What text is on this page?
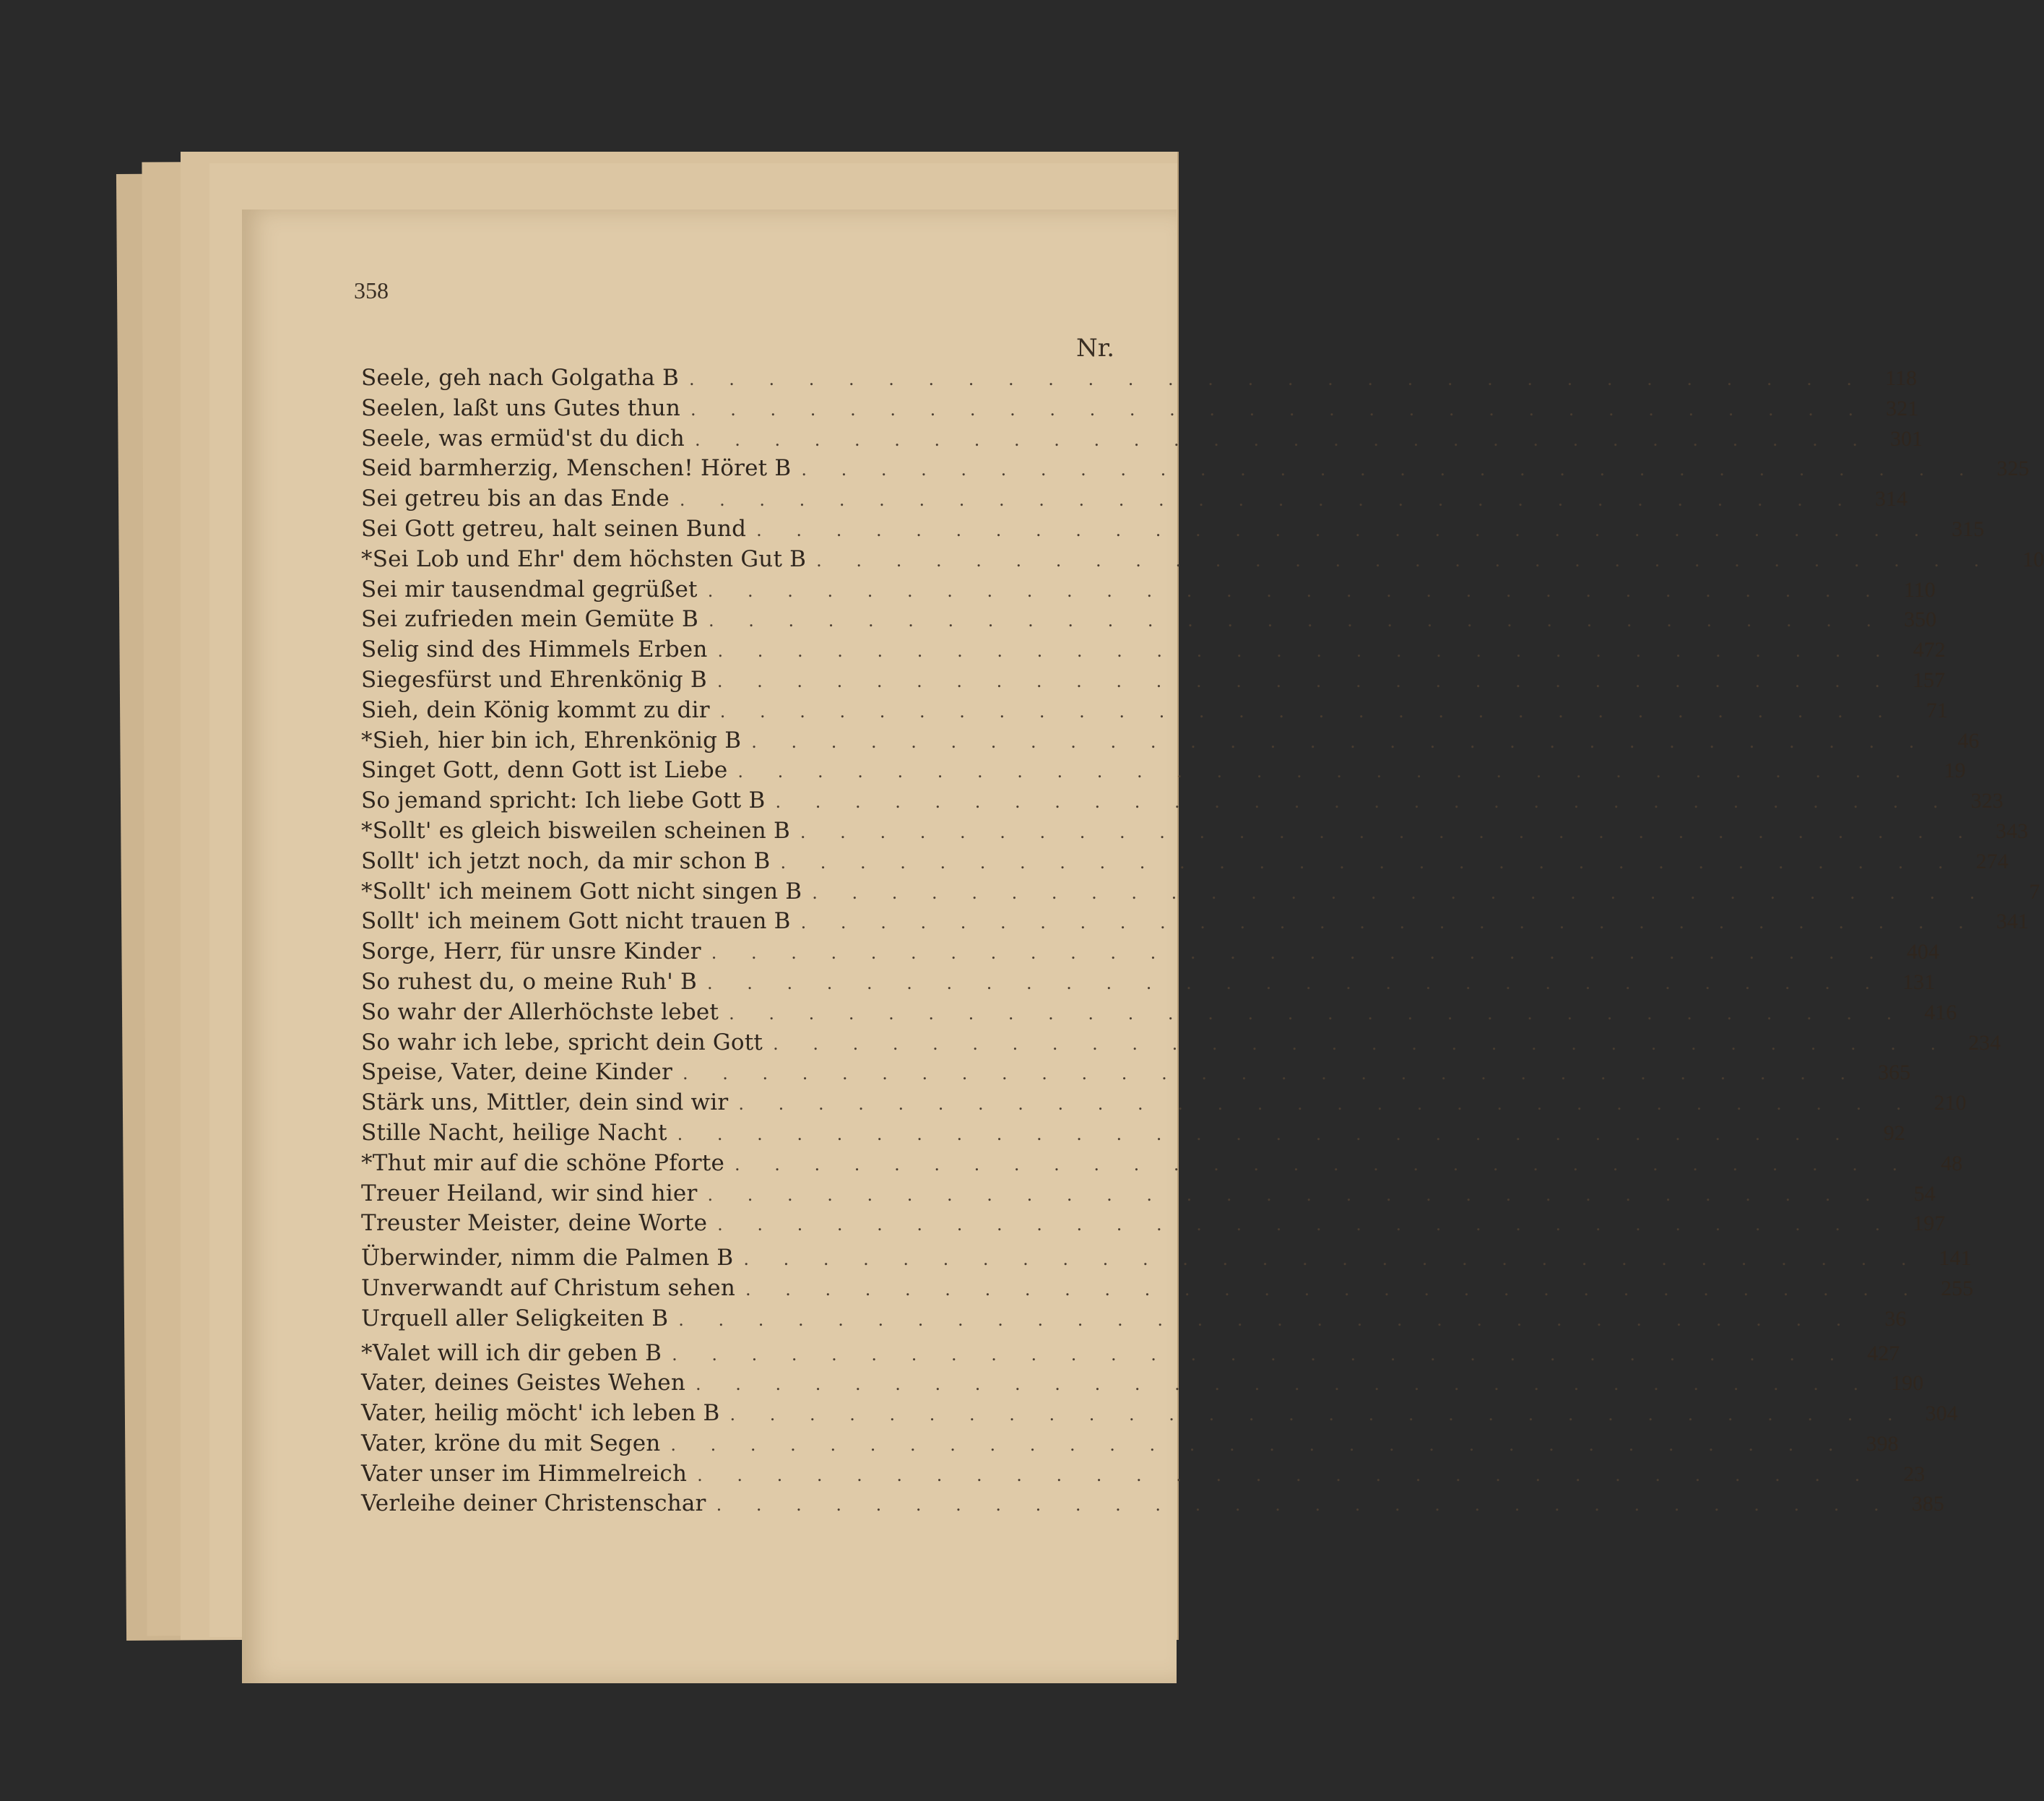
358
Nr.
Seele, geh nach Golgatha B . . . . . . . . . . . . . . . . . . . . . . . . . . . . . . 118
Seelen, laßt uns Gutes thun . . . . . . . . . . . . . . . . . . . . . . . . . . . . . . 321
Seele, was ermüd'st du dich . . . . . . . . . . . . . . . . . . . . . . . . . . . . . . 301
Seid barmherzig, Menschen! Höret B . . . . . . . . . . . . . . . . . . . . . . . . . . . . . . 325
Sei getreu bis an das Ende . . . . . . . . . . . . . . . . . . . . . . . . . . . . . . 314
Sei Gott getreu, halt seinen Bund . . . . . . . . . . . . . . . . . . . . . . . . . . . . . . 315
*Sei Lob und Ehr' dem höchsten Gut B . . . . . . . . . . . . . . . . . . . . . . . . . . . . . .	10
Sei mir tausendmal gegrüßet . . . . . . . . . . . . . . . . . . . . . . . . . . . . . . 110
Sei zufrieden mein Gemüte B . . . . . . . . . . . . . . . . . . . . . . . . . . . . . . 350
Selig sind des Himmels Erben . . . . . . . . . . . . . . . . . . . . . . . . . . . . . . 472
Siegesfürst und Ehrenkönig B . . . . . . . . . . . . . . . . . . . . . . . . . . . . . . 157
Sieh, dein König kommt zu dir . . . . . . . . . . . . . . . . . . . . . . . . . . . . . .	71
*Sieh, hier bin ich, Ehrenkönig B . . . . . . . . . . . . . . . . . . . . . . . . . . . . . .	46
Singet Gott, denn Gott ist Liebe . . . . . . . . . . . . . . . . . . . . . . . . . . . . . .	19
So jemand spricht: Ich liebe Gott B . . . . . . . . . . . . . . . . . . . . . . . . . . . . . . 323
*Sollt' es gleich bisweilen scheinen B . . . . . . . . . . . . . . . . . . . . . . . . . . . . . . 343
Sollt' ich jetzt noch, da mir schon B . . . . . . . . . . . . . . . . . . . . . . . . . . . . . . 274
*Sollt' ich meinem Gott nicht singen B . . . . . . . . . . . . . . . . . . . . . . . . . . . . . .	7
Sollt' ich meinem Gott nicht trauen B . . . . . . . . . . . . . . . . . . . . . . . . . . . . . . 341
Sorge, Herr, für unsre Kinder . . . . . . . . . . . . . . . . . . . . . . . . . . . . . . 404
So ruhest du, o meine Ruh' B . . . . . . . . . . . . . . . . . . . . . . . . . . . . . . 131
So wahr der Allerhöchste lebet . . . . . . . . . . . . . . . . . . . . . . . . . . . . . . 416
So wahr ich lebe, spricht dein Gott . . . . . . . . . . . . . . . . . . . . . . . . . . . . . . 234
Speise, Vater, deine Kinder . . . . . . . . . . . . . . . . . . . . . . . . . . . . . . 365
Stärk uns, Mittler, dein sind wir . . . . . . . . . . . . . . . . . . . . . . . . . . . . . . 210
Stille Nacht, heilige Nacht . . . . . . . . . . . . . . . . . . . . . . . . . . . . . .	92
*Thut mir auf die schöne Pforte . . . . . . . . . . . . . . . . . . . . . . . . . . . . . .	48
Treuer Heiland, wir sind hier . . . . . . . . . . . . . . . . . . . . . . . . . . . . . .	54
Treuster Meister, deine Worte . . . . . . . . . . . . . . . . . . . . . . . . . . . . . . 197
Überwinder, nimm die Palmen B . . . . . . . . . . . . . . . . . . . . . . . . . . . . . . 141
Unverwandt auf Christum sehen . . . . . . . . . . . . . . . . . . . . . . . . . . . . . . 255
Urquell aller Seligkeiten B . . . . . . . . . . . . . . . . . . . . . . . . . . . . . .	36
*Valet will ich dir geben B . . . . . . . . . . . . . . . . . . . . . . . . . . . . . . 427
Vater, deines Geistes Wehen . . . . . . . . . . . . . . . . . . . . . . . . . . . . . . 190
Vater, heilig möcht' ich leben B . . . . . . . . . . . . . . . . . . . . . . . . . . . . . . 304
Vater, kröne du mit Segen . . . . . . . . . . . . . . . . . . . . . . . . . . . . . . 398
Vater unser im Himmelreich . . . . . . . . . . . . . . . . . . . . . . . . . . . . . .	23
Verleihe deiner Christenschar . . . . . . . . . . . . . . . . . . . . . . . . . . . . . . 385
